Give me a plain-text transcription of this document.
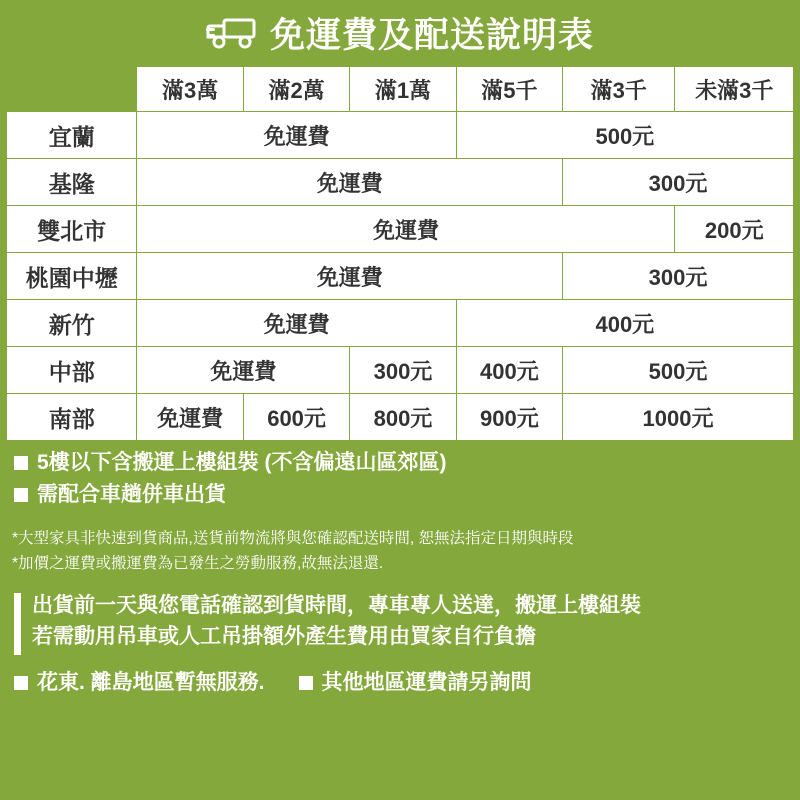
免運費及配送說明表
	滿3萬	滿2萬	滿1萬	滿5千	滿3千	未滿3千
宜蘭	免運費			500元		
基隆	免運費				300元	
雙北市	免運費					200元
桃園中壢	免運費				300元	
新竹	免運費			400元		
中部	免運費		300元	400元	500元	
南部	免運費	600元	800元	900元	1000元	
5樓以下含搬運上樓組裝 (不含偏遠山區郊區)
需配合車趟併車出貨

*大型家具非快速到貨商品,送貨前物流將與您確認配送時間, 恕無法指定日期與時段

*加價之運費或搬運費為已發生之勞動服務,故無法退還.

出貨前一天與您電話確認到貨時間，專車專人送達，搬運上樓組裝

若需動用吊車或人工吊掛額外產生費用由買家自行負擔

花東. 離島地區暫無服務.	其他地區運費請另詢問
